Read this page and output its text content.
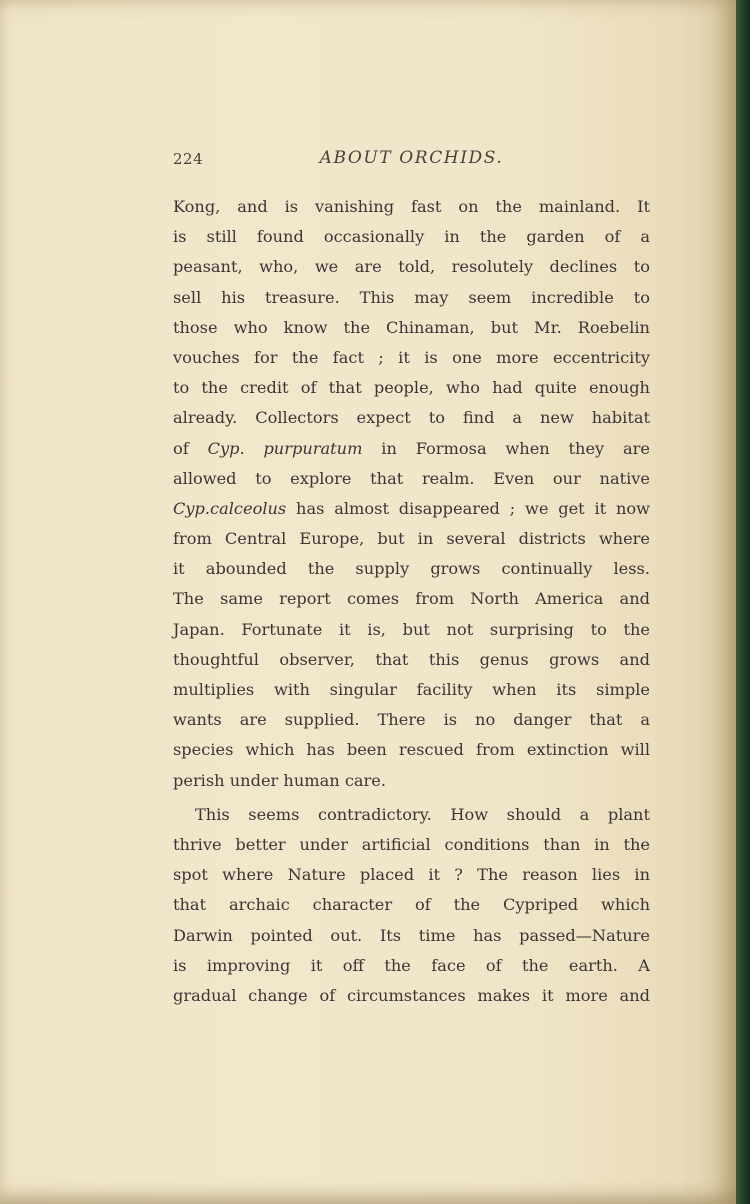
224	ABOUT ORCHIDS.
Kong, and is vanishing fast on the mainland. It
is still found occasionally in the garden of a
peasant, who, we are told, resolutely declines to
sell his treasure. This may seem incredible to
those who know the Chinaman, but Mr. Roebelin
vouches for the fact ; it is one more eccentricity
to the credit of that people, who had quite enough
already. Collectors expect to find a new habitat
of Cyp. purpuratum in Formosa when they are
allowed to explore that realm. Even our native
Cyp.calceolus has almost disappeared ; we get it now
from Central Europe, but in several districts where
it abounded the supply grows continually less.
The same report comes from North America and
Japan. Fortunate it is, but not surprising to the
thoughtful observer, that this genus grows and
multiplies with singular facility when its simple
wants are supplied. There is no danger that a
species which has been rescued from extinction will
perish under human care.
This seems contradictory. How should a plant
thrive better under artificial conditions than in the
spot where Nature placed it ? The reason lies in
that archaic character of the Cypriped which
Darwin pointed out. Its time has passed—Nature
is improving it off the face of the earth. A
gradual change of circumstances makes it more and
